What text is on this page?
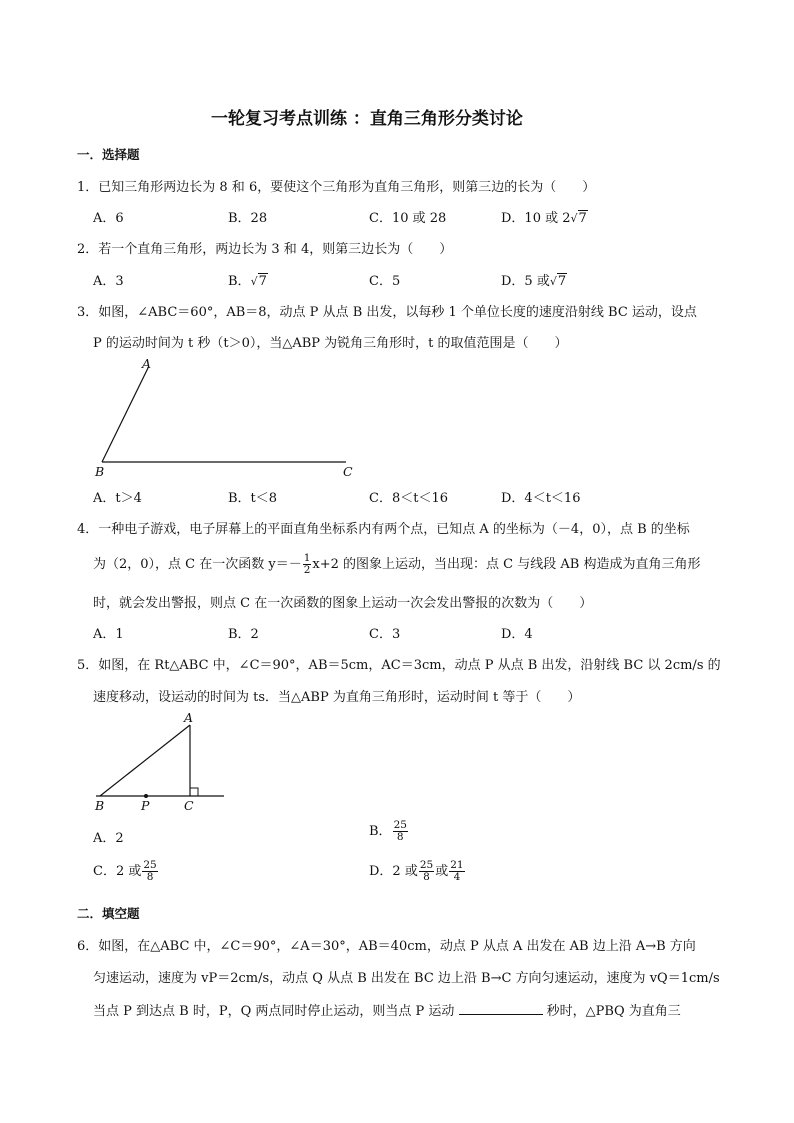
一轮复习考点训练 ：直角三角形分类讨论
一．选择题
1．已知三角形两边长为 8 和 6，要使这个三角形为直角三角形，则第三边的长为（　　）
A．6	B．28	C．10 或 28	D．10 或 2√7
2．若一个直角三角形，两边长为 3 和 4，则第三边长为（　　）
A．3	B．√7	C．5	D．5 或√7
3．如图，∠ABC＝60°，AB＝8，动点 P 从点 B 出发，以每秒 1 个单位长度的速度沿射线 BC 运动，设点
P 的运动时间为 t 秒（t＞0），当△ABP 为锐角三角形时，t 的取值范围是（　　）
A
B	C
A．t＞4	B．t＜8	C．8＜t＜16	D．4＜t＜16
4．一种电子游戏，电子屏幕上的平面直角坐标系内有两个点，已知点 A 的坐标为（－4，0），点 B 的坐标
为（2，0），点 C 在一次函数 $y=- \frac{1}{2} x+2$ 的图象上运动，当出现：点 C 与线段 AB 构造成为直角三角形
时，就会发出警报，则点 C 在一次函数的图象上运动一次会发出警报的次数为（　　）
A．1	B．2	C．3	D．4
5．如图，在 Rt△ABC 中，∠C＝90°，AB＝5cm，AC＝3cm，动点 P 从点 B 出发，沿射线 BC 以 2cm/s 的
速度移动，设运动的时间为 ts．当△ABP 为直角三角形时，运动时间 t 等于（　　）
A
B	P	C
A．2	B． $\frac{25}{8}$
C．2 或 $\frac{25}{8}$	D．2 或 $\frac{25}{8}$ 或 $\frac{21}{4}$
二．填空题
6．如图，在△ABC 中，∠C＝90°，∠A＝30°，AB＝40cm，动点 P 从点 A 出发在 AB 边上沿 A→B 方向
匀速运动，速度为 vP＝2cm/s，动点 Q 从点 B 出发在 BC 边上沿 B→C 方向匀速运动，速度为 vQ＝1cm/s
当点 P 到达点 B 时，P，Q 两点同时停止运动，则当点 P 运动	秒时，△PBQ 为直角三
